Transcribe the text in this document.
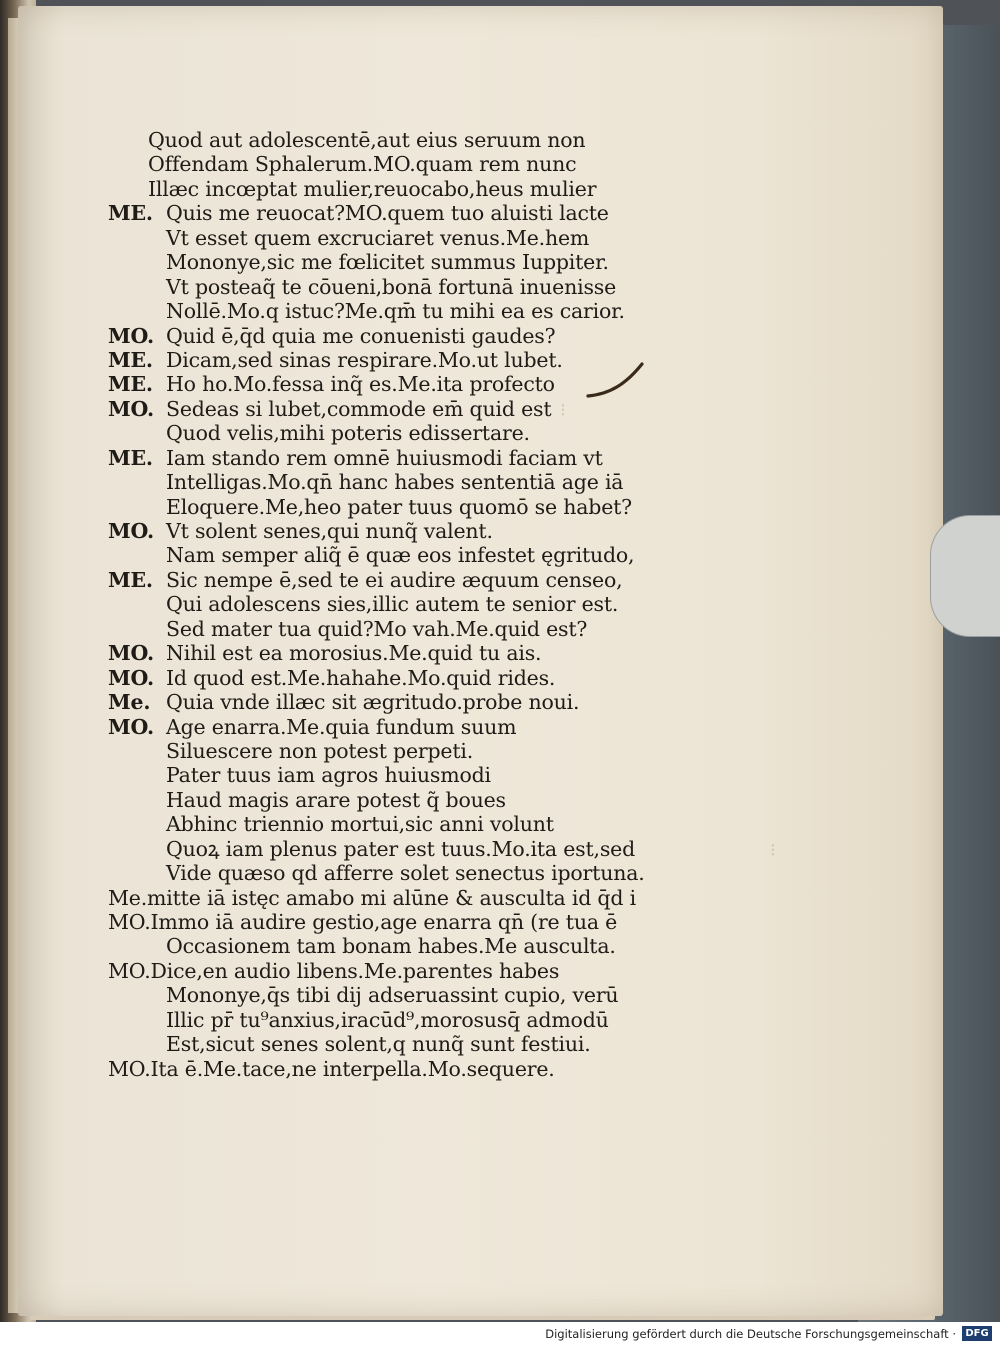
⁝
⁝
Quod aut adolescentē,aut eius seruum non
Offendam Sphalerum.MO.quam rem nunc
Illæc incœptat mulier,reuocabo,heus mulier
ME. Quis me reuocat?MO.quem tuo aluisti lacte
Vt esset quem excruciaret venus.Me.hem
Mononye,sic me fœlicitet summus Iuppiter.
Vt posteaq̃ te cōueni,bonā fortunā inuenisse
Nollē.Mo.q istuc?Me.qm̄ tu mihi ea es carior.
MO. Quid ē,q̄d quia me conuenisti gaudes?
ME. Dicam,sed sinas respirare.Mo.ut lubet.
ME. Ho ho.Mo.fessa inq̃ es.Me.ita profecto
MO. Sedeas si lubet,commode em̄ quid est
Quod velis,mihi poteris edissertare.
ME. Iam stando rem omnē huiusmodi faciam vt
Intelligas.Mo.qn̄ hanc habes sententiā age iā
Eloquere.Me,heo pater tuus quomō se habet?
MO. Vt solent senes,qui nunq̃ valent.
Nam semper aliq̃ ē quæ eos infestet ęgritudo,
ME. Sic nempe ē,sed te ei audire æquum censeo,
Qui adolescens sies,illic autem te senior est.
Sed mater tua quid?Mo vah.Me.quid est?
MO. Nihil est ea morosius.Me.quid tu ais.
MO. Id quod est.Me.hahahe.Mo.quid rides.
Me. Quia vnde illæc sit ægritudo.probe noui.
MO. Age enarra.Me.quia fundum suum
Siluescere non potest perpeti.
Pater tuus iam agros huiusmodi
Haud magis arare potest q̃ boues
Abhinc triennio mortui,sic anni volunt
Quoꝝ iam plenus pater est tuus.Mo.ita est,sed
Vide quæso qd afferre solet senectus iportuna.
Me.mitte iā istęc amabo mi alūne & ausculta id q̄d i
MO.Immo iā audire gestio,age enarra qn̄ (re tua ē
Occasionem tam bonam habes.Me ausculta.
MO.Dice,en audio libens.Me.parentes habes
Mononye,q̄s tibi dij adseruassint cupio, verū
Illic pr̄ tu⁹anxius,iracūd⁹,morosusq̄ admodū
Est,sicut senes solent,q nunq̃ sunt festiui.
MO.Ita ē.Me.tace,ne interpella.Mo.sequere.
Digitalisierung gefördert durch die Deutsche Forschungsgemeinschaft · DFG
